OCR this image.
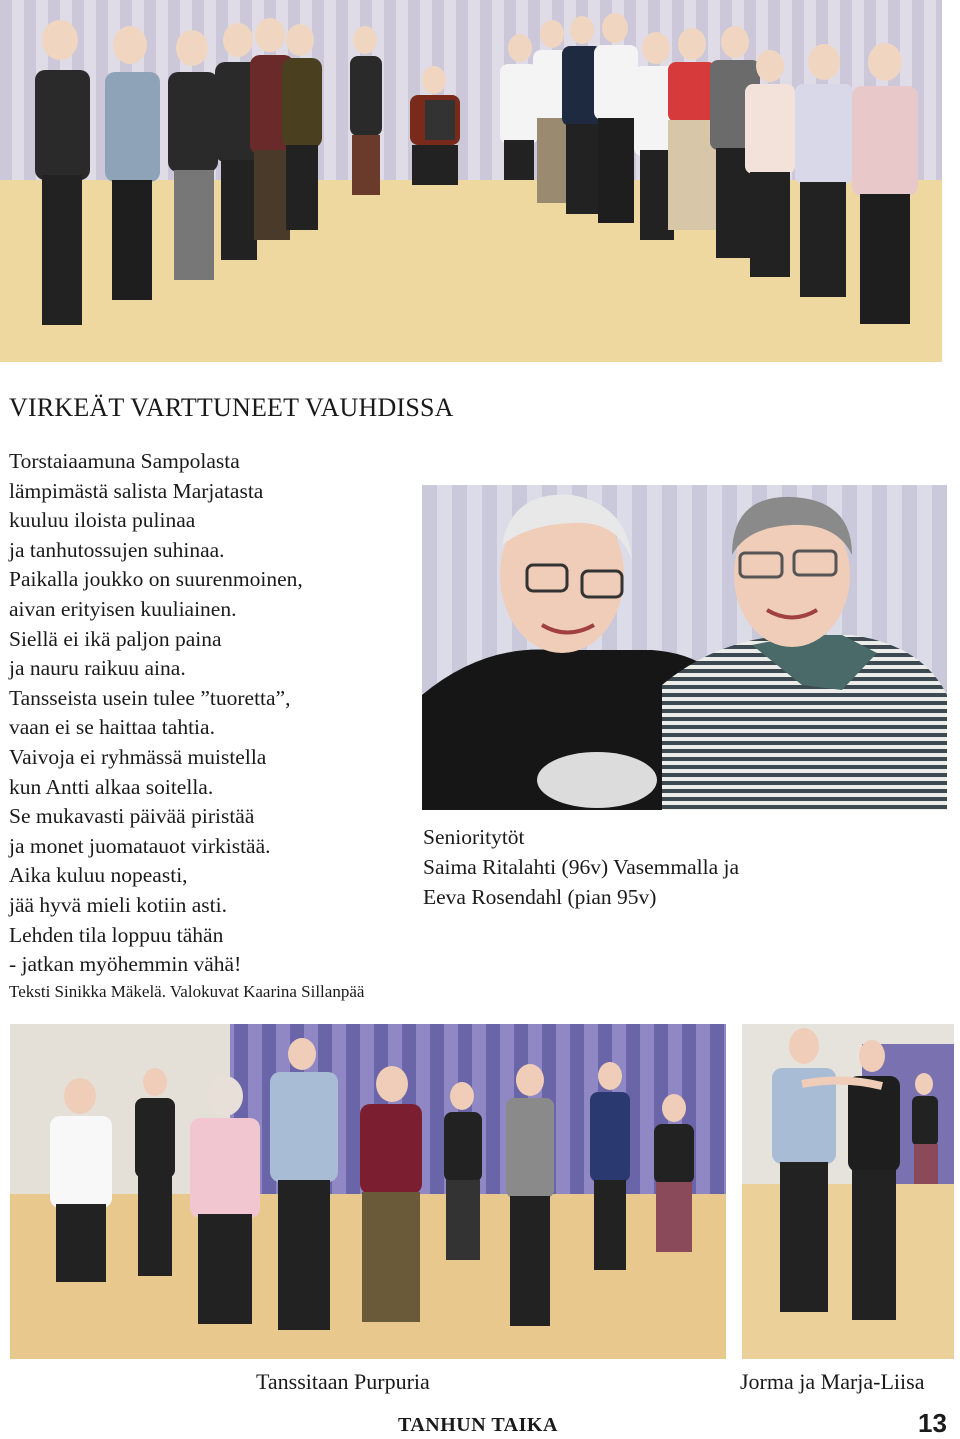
VIRKEÄT VARTTUNEET VAUHDISSA
Torstaiaamuna Sampolasta
lämpimästä salista Marjatasta
kuuluu iloista pulinaa
ja tanhutossujen suhinaa.
Paikalla joukko on suurenmoinen,
aivan erityisen kuuliainen.
Siellä ei ikä paljon paina
ja nauru raikuu aina.
Tansseista usein tulee ”tuoretta”,
vaan ei se haittaa tahtia.
Vaivoja ei ryhmässä muistella
kun Antti alkaa soitella.
Se mukavasti päivää piristää
ja monet juomatauot virkistää.
Aika kuluu nopeasti,
jää hyvä mieli kotiin asti.
Lehden tila loppuu tähän
- jatkan myöhemmin vähä!
Teksti Sinikka Mäkelä. Valokuvat Kaarina Sillanpää
Seniority​töt
Saima Ritalahti (96v) Vasemmalla ja
Eeva Rosendahl (pian 95v)
Tanssitaan Purpuria	Jorma ja Marja-Liisa
TANHUN TAIKA	13
